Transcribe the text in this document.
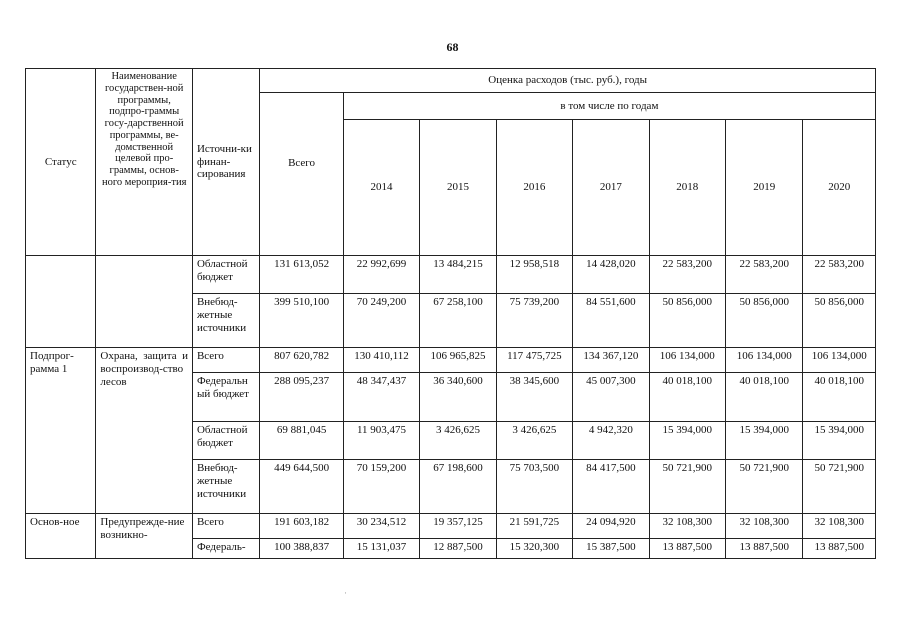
68
Статус	Наименование государствен-ной программы, подпро-граммы госу-дарственной программы, ве-домственной целевой про-граммы, основ-ного мероприя-тия	Источни-ки финан-сирования	Оценка расходов (тыс. руб.), годы							
			Всего	в том числе по годам						
				2014	2015	2016	2017	2018	2019	2020
		Областной бюджет	131 613,052	22 992,699	13 484,215	12 958,518	14 428,020	22 583,200	22 583,200	22 583,200
		Внебюд-жетные источники	399 510,100	70 249,200	67 258,100	75 739,200	84 551,600	50 856,000	50 856,000	50 856,000
Подпрог-рамма 1	Охрана, защита и воспроизвод-ство лесов	Всего	807 620,782	130 410,112	106 965,825	117 475,725	134 367,120	106 134,000	106 134,000	106 134,000
		Федеральн ый бюджет	288 095,237	48 347,437	36 340,600	38 345,600	45 007,300	40 018,100	40 018,100	40 018,100
		Областной бюджет	69 881,045	11 903,475	3 426,625	3 426,625	4 942,320	15 394,000	15 394,000	15 394,000
		Внебюд-жетные источники	449 644,500	70 159,200	67 198,600	75 703,500	84 417,500	50 721,900	50 721,900	50 721,900
Основ-ное	Предупрежде-ние возникно-	Всего	191 603,182	30 234,512	19 357,125	21 591,725	24 094,920	32 108,300	32 108,300	32 108,300
		Федераль-	100 388,837	15 131,037	12 887,500	15 320,300	15 387,500	13 887,500	13 887,500	13 887,500
·
